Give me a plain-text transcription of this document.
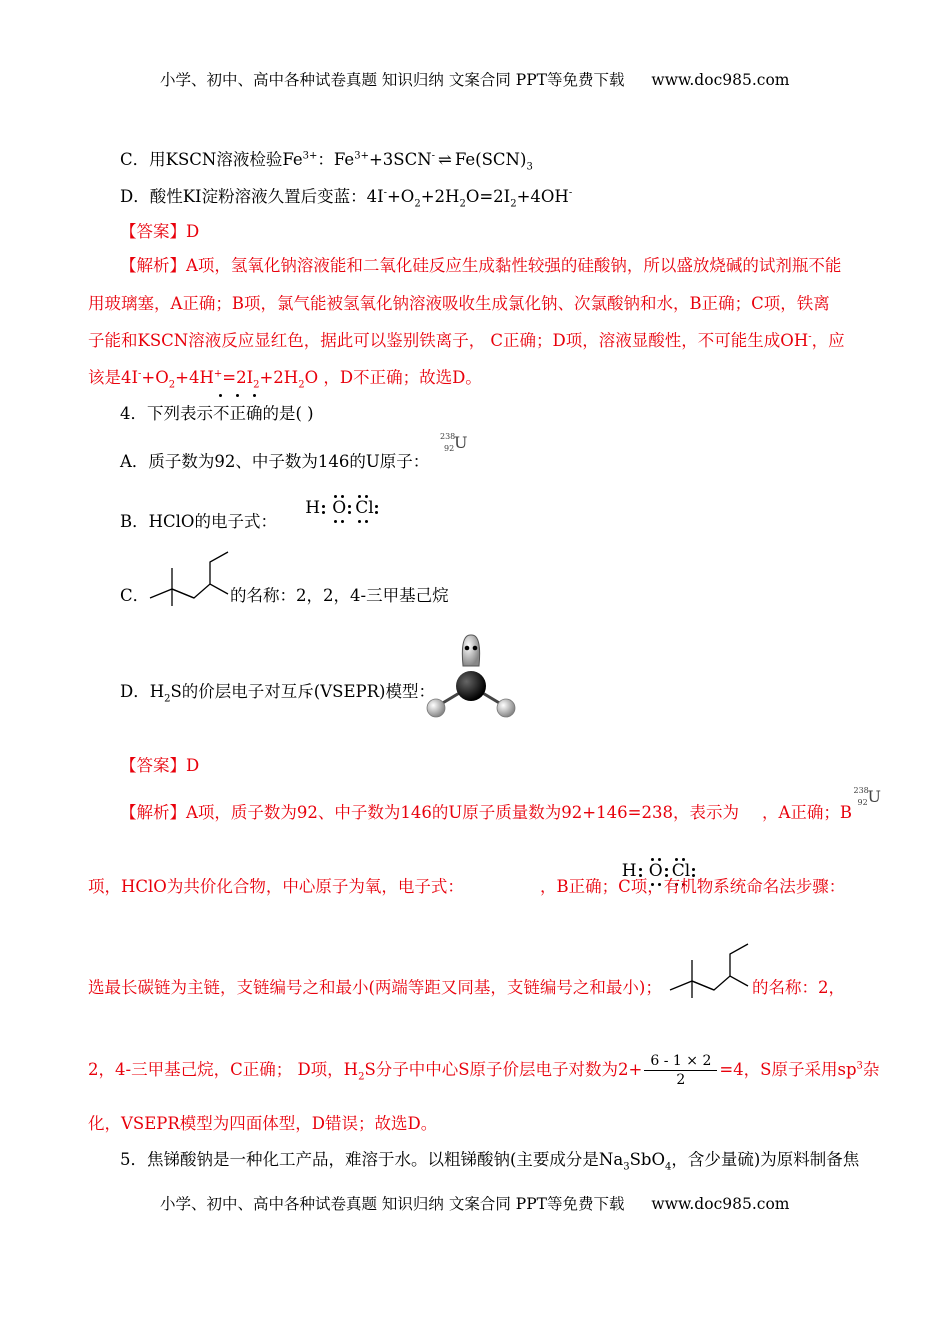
小学、初中、高中各种试卷真题 知识归纳 文案合同 PPT等免费下载 www.doc985.com
C．用KSCN溶液检验$Fe^{3+}$：$Fe^{3+}+3SCN^-$ ⇌ $Fe(SCN)_3$
D．酸性KI淀粉溶液久置后变蓝：$4I^-+O_2+2H_2O=2I_2+4OH^-$
【答案】D
【解析】A项，氢氧化钠溶液能和二氧化硅反应生成黏性较强的硅酸钠，所以盛放烧碱的试剂瓶不能
用玻璃塞，A正确；B项，氯气能被氢氧化钠溶液吸收生成氯化钠、次氯酸钠和水，B正确；C项，铁离
子能和KSCN溶液反应显红色，据此可以鉴别铁离子， C正确；D项，溶液显酸性，不可能生成OH-，应
该是$4I^-+O_2+4H^+=2I_2+2H_2O$ ，D不正确；故选D。
4．下列表示不正确的是( )
A．质子数为92、中子数为146的U原子：
238
92 U

B．HClO的电子式：
H O Cl

C．	的名称：2，2，4-三甲基己烷
D．$H_2S$的价层电子对互斥(VSEPR)模型：
【答案】D
【解析】A项，质子数为92、中子数为146的U原子质量数为92+146=238，表示为
238
92 U

，A正确；B
项，HClO为共价化合物，中心原子为氧，电子式：
H O Cl
，B正确；C项，有机物系统命名法步骤：
选最长碳链为主链，支链编号之和最小(两端等距又同基，支链编号之和最小)；	的名称：2，
2，4-三甲基己烷，C正确； D项，$H_2S$分子中中心S原子价层电子对数为$2+ \frac{6 - 1 \times 2}{2} =4$，S原子采用$sp^3$杂
化，VSEPR模型为四面体型，D错误；故选D。
5．焦锑酸钠是一种化工产品，难溶于水。以粗锑酸钠(主要成分是$Na_3SbO_4$，含少量硫)为原料制备焦
小学、初中、高中各种试卷真题 知识归纳 文案合同 PPT等免费下载 www.doc985.com
